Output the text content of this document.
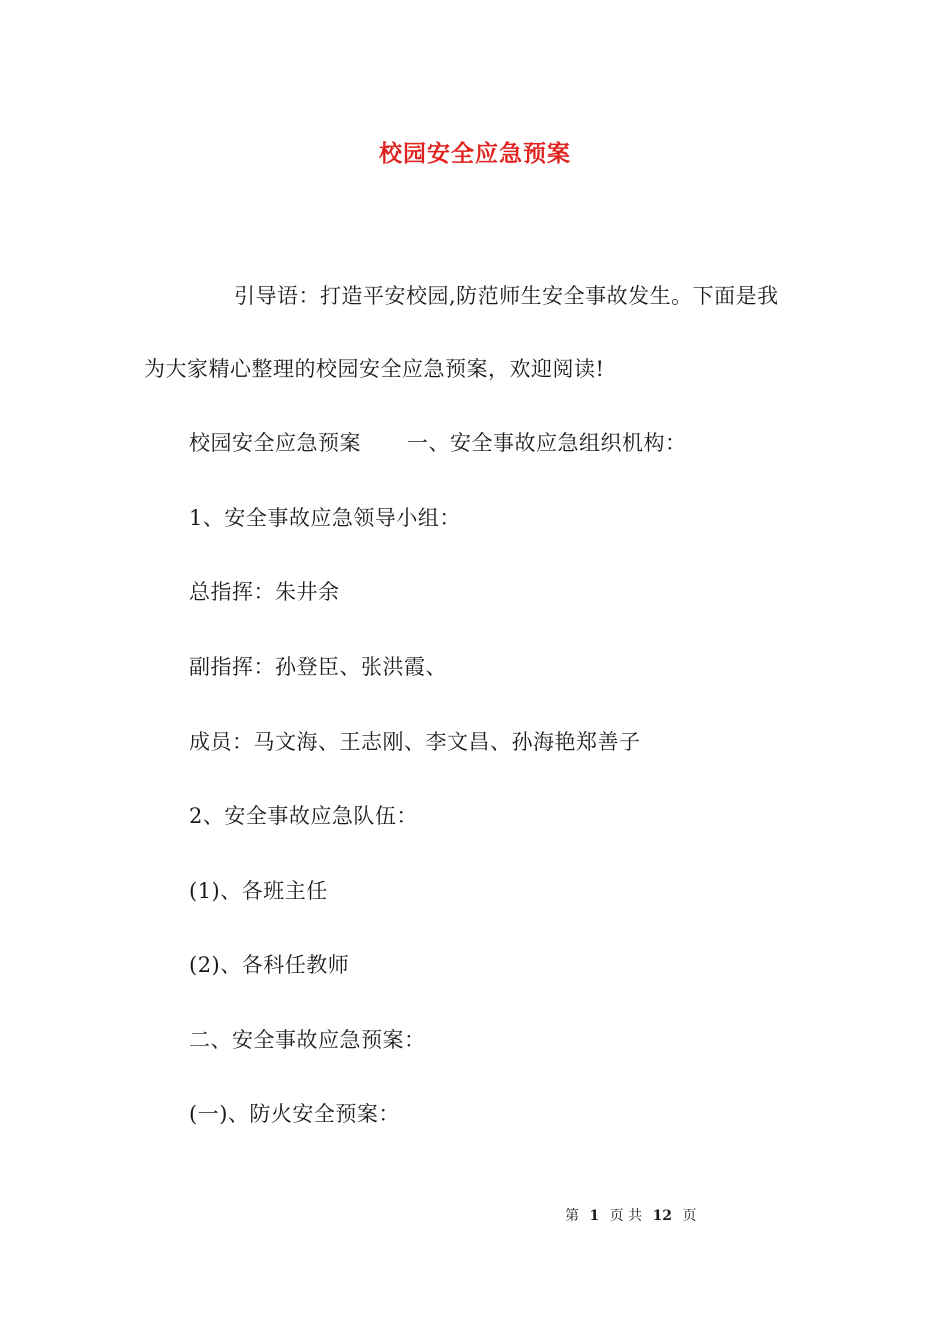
校园安全应急预案
引导语：打造平安校园,防范师生安全事故发生。下面是我
为大家精心整理的校园安全应急预案，欢迎阅读!
校园安全应急预案 一、安全事故应急组织机构：
1、安全事故应急领导小组：
总指挥：朱井余
副指挥：孙登臣、张洪霞、
成员：马文海、王志刚、李文昌、孙海艳郑善子
2、安全事故应急队伍：
(1)、各班主任
(2)、各科任教师
二、安全事故应急预案：
(一)、防火安全预案：
第 1 页 共 12 页
